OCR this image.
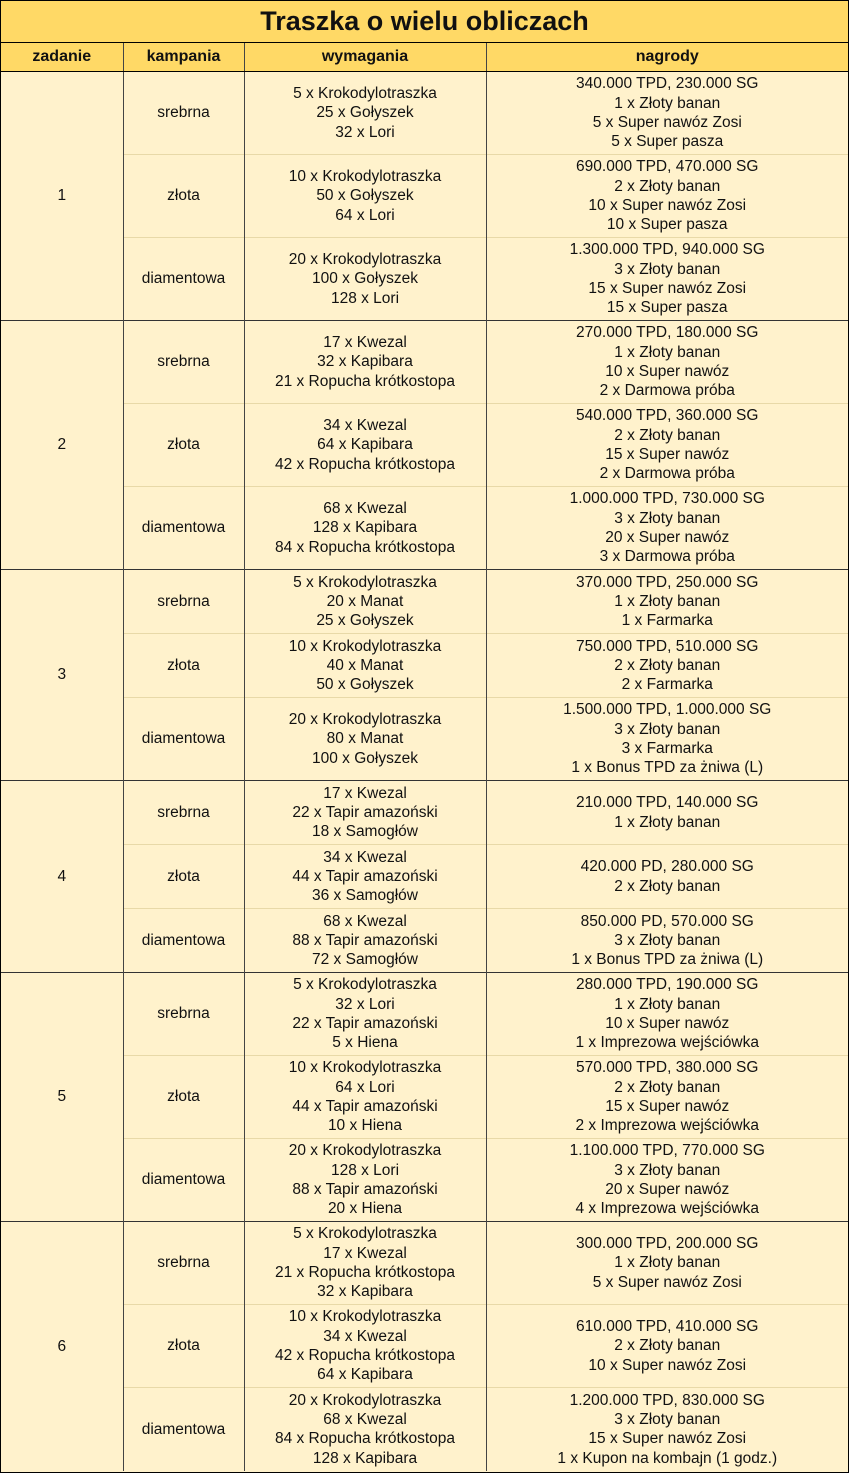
Traszka o wielu obliczach
zadanie	kampania	wymagania	nagrody
1	srebrna	5 x Krokodylotraszka
25 x Gołyszek
32 x Lori	340.000 TPD, 230.000 SG
1 x Złoty banan
5 x Super nawóz Zosi
5 x Super pasza

	złota	10 x Krokodylotraszka
50 x Gołyszek
64 x Lori	690.000 TPD, 470.000 SG
2 x Złoty banan
10 x Super nawóz Zosi
10 x Super pasza

	diamentowa	20 x Krokodylotraszka
100 x Gołyszek
128 x Lori	1.300.000 TPD, 940.000 SG
3 x Złoty banan
15 x Super nawóz Zosi
15 x Super pasza

2	srebrna	17 x Kwezal
32 x Kapibara
21 x Ropucha krótkostopa	270.000 TPD, 180.000 SG
1 x Złoty banan
10 x Super nawóz
2 x Darmowa próba

	złota	34 x Kwezal
64 x Kapibara
42 x Ropucha krótkostopa	540.000 TPD, 360.000 SG
2 x Złoty banan
15 x Super nawóz
2 x Darmowa próba

	diamentowa	68 x Kwezal
128 x Kapibara
84 x Ropucha krótkostopa	1.000.000 TPD, 730.000 SG
3 x Złoty banan
20 x Super nawóz
3 x Darmowa próba

3	srebrna	5 x Krokodylotraszka
20 x Manat
25 x Gołyszek	370.000 TPD, 250.000 SG
1 x Złoty banan
1 x Farmarka

	złota	10 x Krokodylotraszka
40 x Manat
50 x Gołyszek	750.000 TPD, 510.000 SG
2 x Złoty banan
2 x Farmarka

	diamentowa	20 x Krokodylotraszka
80 x Manat
100 x Gołyszek	1.500.000 TPD, 1.000.000 SG
3 x Złoty banan
3 x Farmarka
1 x Bonus TPD za żniwa (L)

4	srebrna	17 x Kwezal
22 x Tapir amazoński
18 x Samogłów	210.000 TPD, 140.000 SG
1 x Złoty banan

	złota	34 x Kwezal
44 x Tapir amazoński
36 x Samogłów	420.000 PD, 280.000 SG
2 x Złoty banan

	diamentowa	68 x Kwezal
88 x Tapir amazoński
72 x Samogłów	850.000 PD, 570.000 SG
3 x Złoty banan
1 x Bonus TPD za żniwa (L)

5	srebrna	5 x Krokodylotraszka
32 x Lori
22 x Tapir amazoński
5 x Hiena	280.000 TPD, 190.000 SG
1 x Złoty banan
10 x Super nawóz
1 x Imprezowa wejściówka

	złota	10 x Krokodylotraszka
64 x Lori
44 x Tapir amazoński
10 x Hiena	570.000 TPD, 380.000 SG
2 x Złoty banan
15 x Super nawóz
2 x Imprezowa wejściówka

	diamentowa	20 x Krokodylotraszka
128 x Lori
88 x Tapir amazoński
20 x Hiena	1.100.000 TPD, 770.000 SG
3 x Złoty banan
20 x Super nawóz
4 x Imprezowa wejściówka

6	srebrna	5 x Krokodylotraszka
17 x Kwezal
21 x Ropucha krótkostopa
32 x Kapibara	300.000 TPD, 200.000 SG
1 x Złoty banan
5 x Super nawóz Zosi

	złota	10 x Krokodylotraszka
34 x Kwezal
42 x Ropucha krótkostopa
64 x Kapibara	610.000 TPD, 410.000 SG
2 x Złoty banan
10 x Super nawóz Zosi

	diamentowa	20 x Krokodylotraszka
68 x Kwezal
84 x Ropucha krótkostopa
128 x Kapibara	1.200.000 TPD, 830.000 SG
3 x Złoty banan
15 x Super nawóz Zosi
1 x Kupon na kombajn (1 godz.)
